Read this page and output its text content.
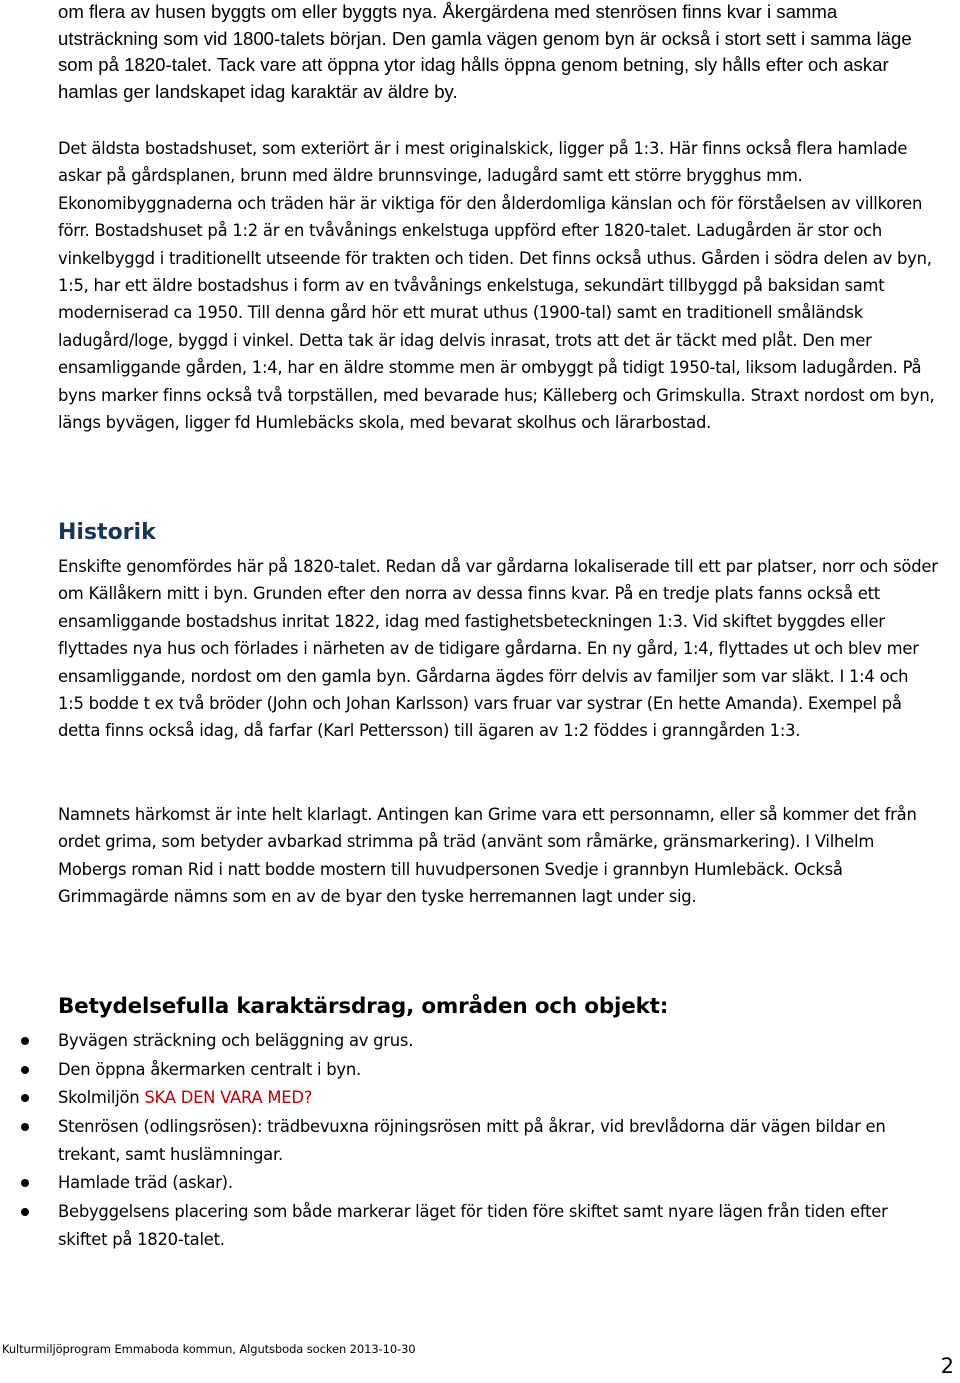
om flera av husen byggts om eller byggts nya. Åkergärdena med stenrösen finns kvar i samma utsträckning som vid 1800-talets början. Den gamla vägen genom byn är också i stort sett i samma läge som på 1820-talet. Tack vare att öppna ytor idag hålls öppna genom betning, sly hålls efter och askar hamlas ger landskapet idag karaktär av äldre by.

Det äldsta bostadshuset, som exteriört är i mest originalskick, ligger på 1:3. Här finns också flera hamlade askar på gårdsplanen, brunn med äldre brunnsvinge, ladugård samt ett större brygghus mm. Ekonomibyggnaderna och träden här är viktiga för den ålderdomliga känslan och för förståelsen av villkoren förr. Bostadshuset på 1:2 är en tvåvånings enkelstuga uppförd efter 1820-talet. Ladugården är stor och vinkelbyggd i traditionellt utseende för trakten och tiden. Det finns också uthus. Gården i södra delen av byn, 1:5, har ett äldre bostadshus i form av en tvåvånings enkelstuga, sekundärt tillbyggd på baksidan samt moderniserad ca 1950. Till denna gård hör ett murat uthus (1900-tal) samt en traditionell småländsk ladugård/loge, byggd i vinkel. Detta tak är idag delvis inrasat, trots att det är täckt med plåt. Den mer ensamliggande gården, 1:4, har en äldre stomme men är ombyggt på tidigt 1950-tal, liksom ladugården. På byns marker finns också två torpställen, med bevarade hus; Källeberg och Grimskulla. Straxt nordost om byn, längs byvägen, ligger fd Humlebäcks skola, med bevarat skolhus och lärarbostad.

Historik

Enskifte genomfördes här på 1820-talet. Redan då var gårdarna lokaliserade till ett par platser, norr och söder om Källåkern mitt i byn. Grunden efter den norra av dessa finns kvar. På en tredje plats fanns också ett ensamliggande bostadshus inritat 1822, idag med fastighetsbeteckningen 1:3. Vid skiftet byggdes eller flyttades nya hus och förlades i närheten av de tidigare gårdarna. En ny gård, 1:4, flyttades ut och blev mer ensamliggande, nordost om den gamla byn. Gårdarna ägdes förr delvis av familjer som var släkt. I 1:4 och 1:5 bodde t ex två bröder (John och Johan Karlsson) vars fruar var systrar (En hette Amanda). Exempel på detta finns också idag, då farfar (Karl Pettersson) till ägaren av 1:2 föddes i granngården 1:3.

Namnets härkomst är inte helt klarlagt. Antingen kan Grime vara ett personnamn, eller så kommer det från ordet grima, som betyder avbarkad strimma på träd (använt som råmärke, gränsmarkering). I Vilhelm Mobergs roman Rid i natt bodde mostern till huvudpersonen Svedje i grannbyn Humlebäck. Också Grimmagärde nämns som en av de byar den tyske herremannen lagt under sig.

Betydelsefulla karaktärsdrag, områden och objekt:
Byvägen sträckning och beläggning av grus.
Den öppna åkermarken centralt i byn.
Skolmiljön SKA DEN VARA MED?
Stenrösen (odlingsrösen): trädbevuxna röjningsrösen mitt på åkrar, vid brevlådorna där vägen bildar en trekant, samt huslämningar.
Hamlade träd (askar).
Bebyggelsens placering som både markerar läget för tiden före skiftet samt nyare lägen från tiden efter skiftet på 1820-talet.
Kulturmiljöprogram Emmaboda kommun, Algutsboda socken 2013-10-30
2
